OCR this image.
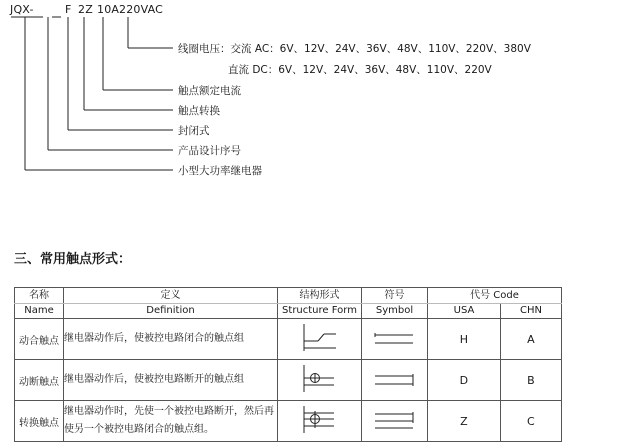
JQX-	F 2Z 10A 220VAC
线圈电压：交流 AC：6V、12V、24V、36V、48V、110V、220V、380V
直流 DC：6V、12V、24V、36V、48V、110V、220V
触点额定电流
触点转换
封闭式
产品设计序号
小型大功率继电器
三、常用触点形式：
名称	定义	结构形式	符号	代号 Code	
Name	Definition	Structure Form	Symbol	USA	CHN
动合触点	继电器动作后，使被控电路闭合的触点组			H	A
动断触点	继电器动作后，使被控电路断开的触点组			D	B
转换触点	继电器动作时，先使一个被控电路断开，然后再
使另一个被控电路闭合的触点组。			Z	C
